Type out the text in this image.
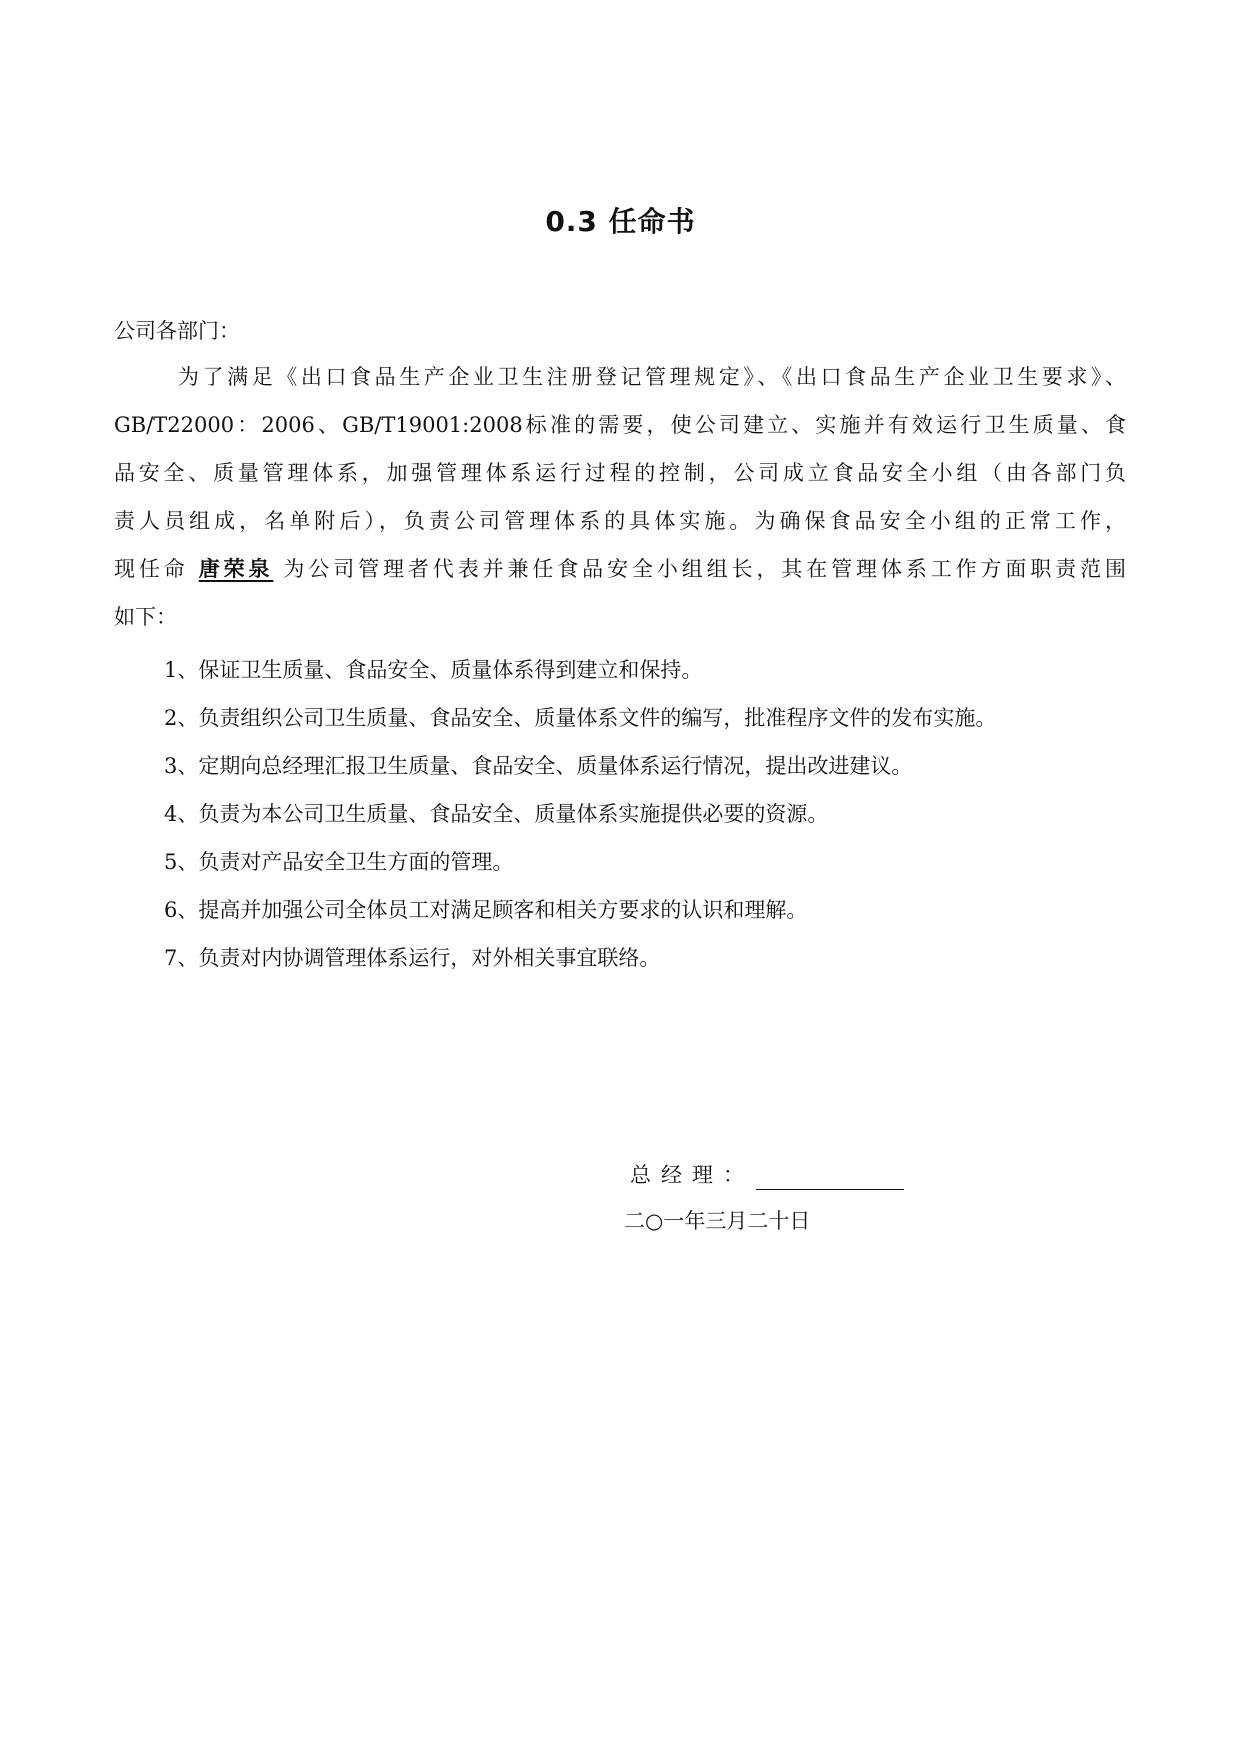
0.3 任命书
公司各部门：
为了满足《出口食品生产企业卫生注册登记管理规定》、《出口食品生产企业卫生要求》、
GB/T22000：2006、GB/T19001:2008标准的需要，使公司建立、实施并有效运行卫生质量、食
品安全、质量管理体系，加强管理体系运行过程的控制，公司成立食品安全小组（由各部门负
责人员组成，名单附后），负责公司管理体系的具体实施。为确保食品安全小组的正常工作，
现任命 唐荣泉 为公司管理者代表并兼任食品安全小组组长，其在管理体系工作方面职责范围
如下：
1、保证卫生质量、食品安全、质量体系得到建立和保持。
2、负责组织公司卫生质量、食品安全、质量体系文件的编写，批准程序文件的发布实施。
3、定期向总经理汇报卫生质量、食品安全、质量体系运行情况，提出改进建议。
4、负责为本公司卫生质量、食品安全、质量体系实施提供必要的资源。
5、负责对产品安全卫生方面的管理。
6、提高并加强公司全体员工对满足顾客和相关方要求的认识和理解。
7、负责对内协调管理体系运行，对外相关事宜联络。
总经理：
二○一年三月二十日
